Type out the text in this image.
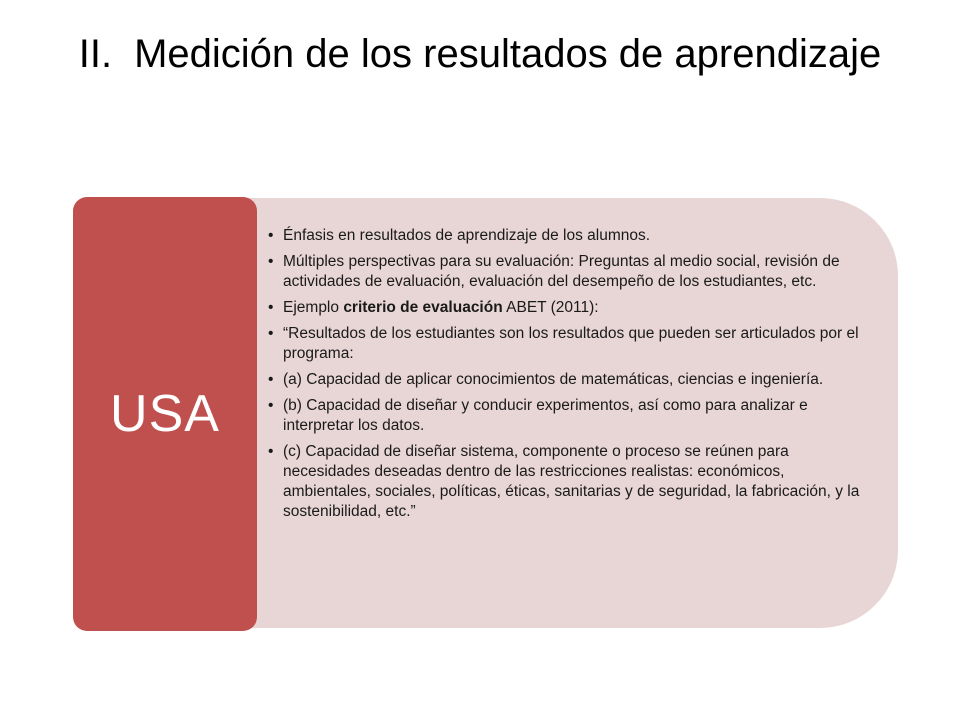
II. Medición de los resultados de aprendizaje
USA
• Énfasis en resultados de aprendizaje de los alumnos.
• Múltiples perspectivas para su evaluación: Preguntas al medio social, revisión de actividades de evaluación, evaluación del desempeño de los estudiantes, etc.
• Ejemplo criterio de evaluación ABET (2011):
• “Resultados de los estudiantes son los resultados que pueden ser articulados por el programa:
• (a) Capacidad de aplicar conocimientos de matemáticas, ciencias e ingeniería.
• (b) Capacidad de diseñar y conducir experimentos, así como para analizar e interpretar los datos.
• (c) Capacidad de diseñar sistema, componente o proceso se reúnen para necesidades deseadas dentro de las restricciones realistas: económicos, ambientales, sociales, políticas, éticas, sanitarias y de seguridad, la fabricación, y la sostenibilidad, etc.”
